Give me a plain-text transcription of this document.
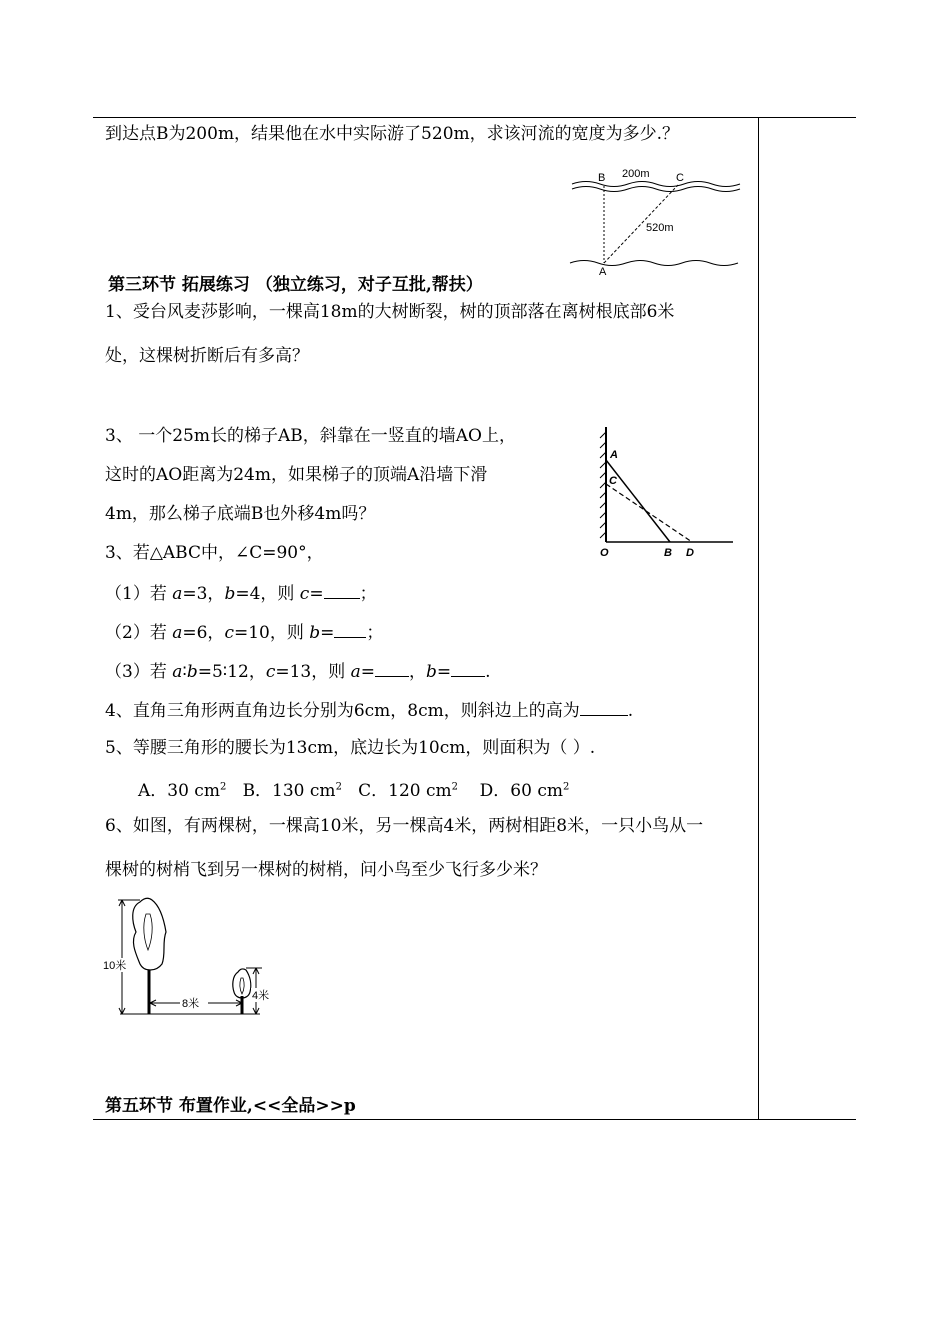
到达点B为200m，结果他在水中实际游了520m，求该河流的宽度为多少.？
B 200m C
520m
A
第三环节 拓展练习 （独立练习，对子互批,帮扶）
1、受台风麦莎影响，一棵高18m的大树断裂，树的顶部落在离树根底部6米
处，这棵树折断后有多高？
3、 一个25m长的梯子AB，斜靠在一竖直的墙AO上，
这时的AO距离为24m，如果梯子的顶端A沿墙下滑
4m，那么梯子底端B也外移4m吗？
A
C
O	B D
3、若△ABC中，∠C=90°，
（1）若 a=3，b=4，则 c= ；
（2）若 a=6，c=10，则 b= ；
（3）若 a∶b=5∶12，c=13，则 a= ，b= .
4、直角三角形两直角边长分别为6cm，8cm，则斜边上的高为	.
5、等腰三角形的腰长为13cm，底边长为10cm，则面积为（ ）.
A．30 $cm^2$ B．130 $cm^2$ C．120 $cm^2$ D．60 $cm^2$
6、如图，有两棵树，一棵高10米，另一棵高4米，两树相距8米，一只小鸟从一
棵树的树梢飞到另一棵树的树梢，问小鸟至少飞行多少米？
10米
8米
4米
第五环节 布置作业,<<全品>>p
